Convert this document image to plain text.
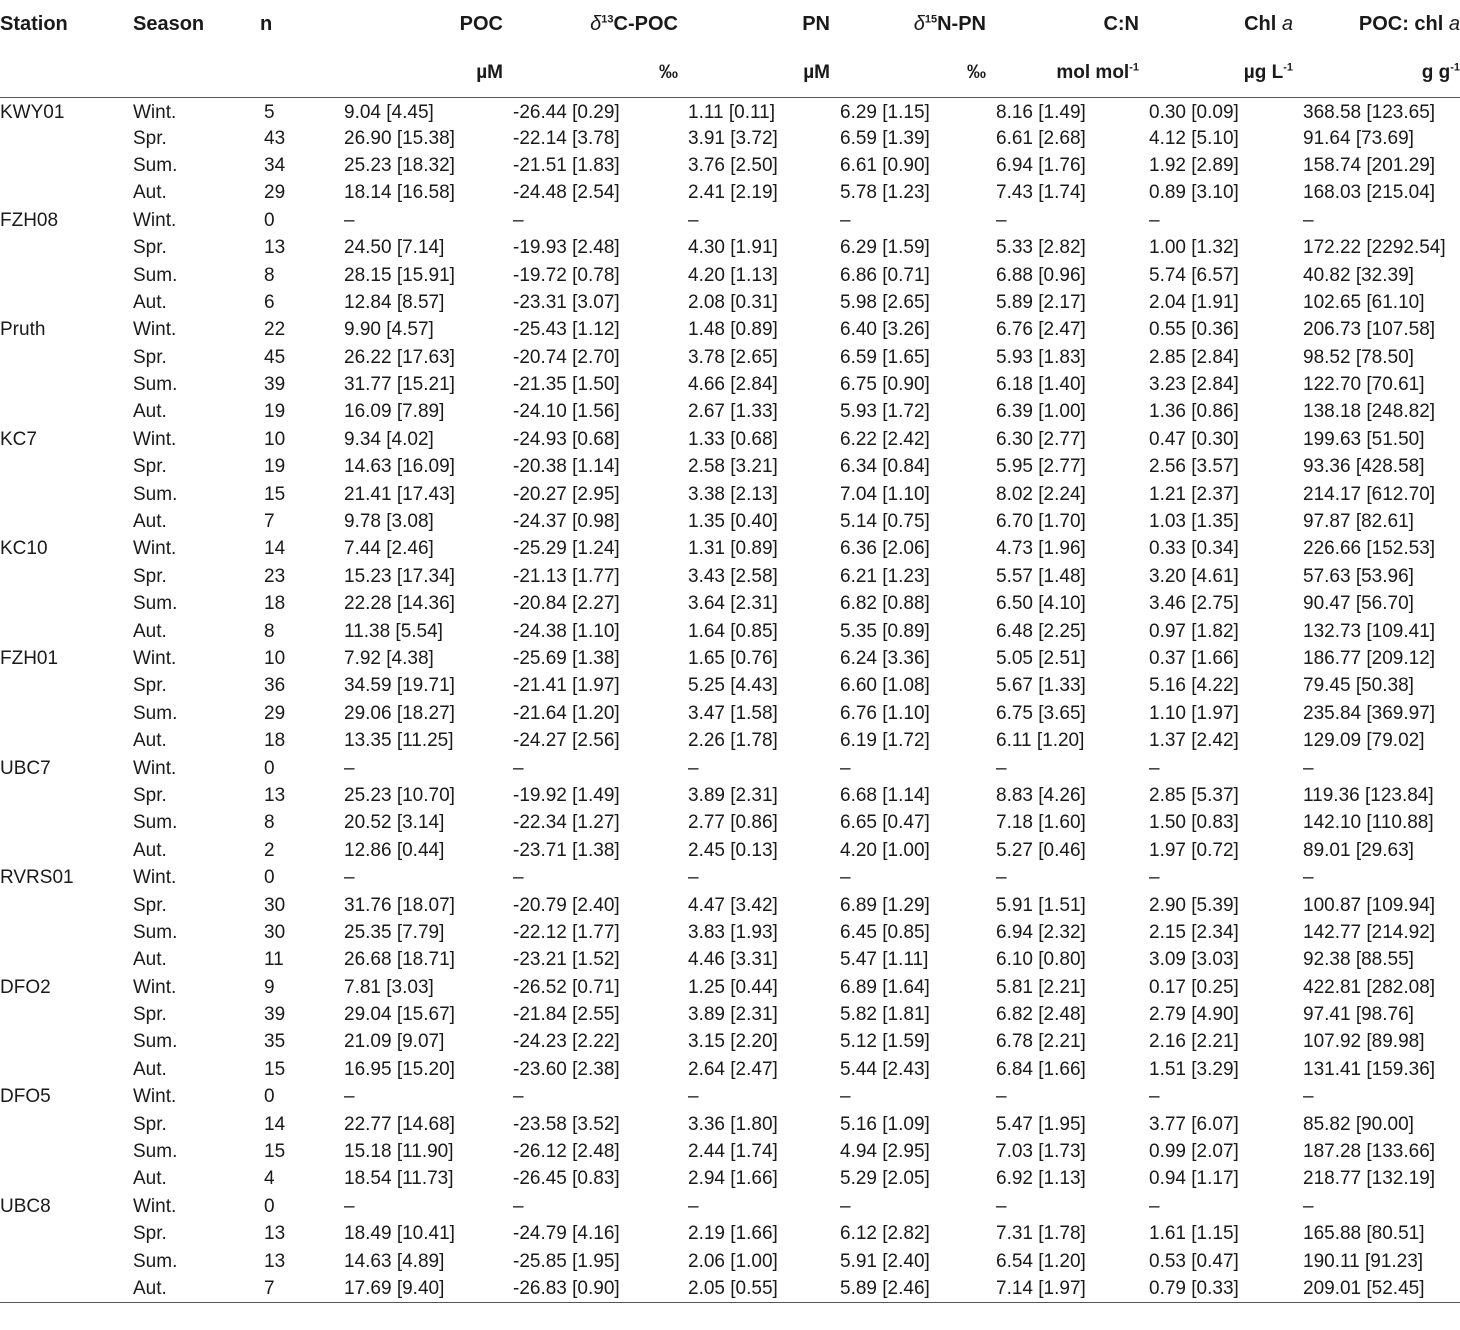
Station	Season	n	POC	$\delta^{13}C$-POC	PN	$\delta^{15}N-PN$	C:N	Chl a	POC: chl a
			µM	‰	µM	‰	mol mol$^{-1}$	µg $L^{-1}$	g $g^{-1}$
KWY01	Wint.	5	9.04 [4.45]	-26.44 [0.29]	1.11 [0.11]	6.29 [1.15]	8.16 [1.49]	0.30 [0.09]	368.58 [123.65]
	Spr.	43	26.90 [15.38]	-22.14 [3.78]	3.91 [3.72]	6.59 [1.39]	6.61 [2.68]	4.12 [5.10]	91.64 [73.69]
	Sum.	34	25.23 [18.32]	-21.51 [1.83]	3.76 [2.50]	6.61 [0.90]	6.94 [1.76]	1.92 [2.89]	158.74 [201.29]
	Aut.	29	18.14 [16.58]	-24.48 [2.54]	2.41 [2.19]	5.78 [1.23]	7.43 [1.74]	0.89 [3.10]	168.03 [215.04]
FZH08	Wint.	0	–	–	–	–	–	–	–
	Spr.	13	24.50 [7.14]	-19.93 [2.48]	4.30 [1.91]	6.29 [1.59]	5.33 [2.82]	1.00 [1.32]	172.22 [2292.54]
	Sum.	8	28.15 [15.91]	-19.72 [0.78]	4.20 [1.13]	6.86 [0.71]	6.88 [0.96]	5.74 [6.57]	40.82 [32.39]
	Aut.	6	12.84 [8.57]	-23.31 [3.07]	2.08 [0.31]	5.98 [2.65]	5.89 [2.17]	2.04 [1.91]	102.65 [61.10]
Pruth	Wint.	22	9.90 [4.57]	-25.43 [1.12]	1.48 [0.89]	6.40 [3.26]	6.76 [2.47]	0.55 [0.36]	206.73 [107.58]
	Spr.	45	26.22 [17.63]	-20.74 [2.70]	3.78 [2.65]	6.59 [1.65]	5.93 [1.83]	2.85 [2.84]	98.52 [78.50]
	Sum.	39	31.77 [15.21]	-21.35 [1.50]	4.66 [2.84]	6.75 [0.90]	6.18 [1.40]	3.23 [2.84]	122.70 [70.61]
	Aut.	19	16.09 [7.89]	-24.10 [1.56]	2.67 [1.33]	5.93 [1.72]	6.39 [1.00]	1.36 [0.86]	138.18 [248.82]
KC7	Wint.	10	9.34 [4.02]	-24.93 [0.68]	1.33 [0.68]	6.22 [2.42]	6.30 [2.77]	0.47 [0.30]	199.63 [51.50]
	Spr.	19	14.63 [16.09]	-20.38 [1.14]	2.58 [3.21]	6.34 [0.84]	5.95 [2.77]	2.56 [3.57]	93.36 [428.58]
	Sum.	15	21.41 [17.43]	-20.27 [2.95]	3.38 [2.13]	7.04 [1.10]	8.02 [2.24]	1.21 [2.37]	214.17 [612.70]
	Aut.	7	9.78 [3.08]	-24.37 [0.98]	1.35 [0.40]	5.14 [0.75]	6.70 [1.70]	1.03 [1.35]	97.87 [82.61]
KC10	Wint.	14	7.44 [2.46]	-25.29 [1.24]	1.31 [0.89]	6.36 [2.06]	4.73 [1.96]	0.33 [0.34]	226.66 [152.53]
	Spr.	23	15.23 [17.34]	-21.13 [1.77]	3.43 [2.58]	6.21 [1.23]	5.57 [1.48]	3.20 [4.61]	57.63 [53.96]
	Sum.	18	22.28 [14.36]	-20.84 [2.27]	3.64 [2.31]	6.82 [0.88]	6.50 [4.10]	3.46 [2.75]	90.47 [56.70]
	Aut.	8	11.38 [5.54]	-24.38 [1.10]	1.64 [0.85]	5.35 [0.89]	6.48 [2.25]	0.97 [1.82]	132.73 [109.41]
FZH01	Wint.	10	7.92 [4.38]	-25.69 [1.38]	1.65 [0.76]	6.24 [3.36]	5.05 [2.51]	0.37 [1.66]	186.77 [209.12]
	Spr.	36	34.59 [19.71]	-21.41 [1.97]	5.25 [4.43]	6.60 [1.08]	5.67 [1.33]	5.16 [4.22]	79.45 [50.38]
	Sum.	29	29.06 [18.27]	-21.64 [1.20]	3.47 [1.58]	6.76 [1.10]	6.75 [3.65]	1.10 [1.97]	235.84 [369.97]
	Aut.	18	13.35 [11.25]	-24.27 [2.56]	2.26 [1.78]	6.19 [1.72]	6.11 [1.20]	1.37 [2.42]	129.09 [79.02]
UBC7	Wint.	0	–	–	–	–	–	–	–
	Spr.	13	25.23 [10.70]	-19.92 [1.49]	3.89 [2.31]	6.68 [1.14]	8.83 [4.26]	2.85 [5.37]	119.36 [123.84]
	Sum.	8	20.52 [3.14]	-22.34 [1.27]	2.77 [0.86]	6.65 [0.47]	7.18 [1.60]	1.50 [0.83]	142.10 [110.88]
	Aut.	2	12.86 [0.44]	-23.71 [1.38]	2.45 [0.13]	4.20 [1.00]	5.27 [0.46]	1.97 [0.72]	89.01 [29.63]
RVRS01	Wint.	0	–	–	–	–	–	–	–
	Spr.	30	31.76 [18.07]	-20.79 [2.40]	4.47 [3.42]	6.89 [1.29]	5.91 [1.51]	2.90 [5.39]	100.87 [109.94]
	Sum.	30	25.35 [7.79]	-22.12 [1.77]	3.83 [1.93]	6.45 [0.85]	6.94 [2.32]	2.15 [2.34]	142.77 [214.92]
	Aut.	11	26.68 [18.71]	-23.21 [1.52]	4.46 [3.31]	5.47 [1.11]	6.10 [0.80]	3.09 [3.03]	92.38 [88.55]
DFO2	Wint.	9	7.81 [3.03]	-26.52 [0.71]	1.25 [0.44]	6.89 [1.64]	5.81 [2.21]	0.17 [0.25]	422.81 [282.08]
	Spr.	39	29.04 [15.67]	-21.84 [2.55]	3.89 [2.31]	5.82 [1.81]	6.82 [2.48]	2.79 [4.90]	97.41 [98.76]
	Sum.	35	21.09 [9.07]	-24.23 [2.22]	3.15 [2.20]	5.12 [1.59]	6.78 [2.21]	2.16 [2.21]	107.92 [89.98]
	Aut.	15	16.95 [15.20]	-23.60 [2.38]	2.64 [2.47]	5.44 [2.43]	6.84 [1.66]	1.51 [3.29]	131.41 [159.36]
DFO5	Wint.	0	–	–	–	–	–	–	–
	Spr.	14	22.77 [14.68]	-23.58 [3.52]	3.36 [1.80]	5.16 [1.09]	5.47 [1.95]	3.77 [6.07]	85.82 [90.00]
	Sum.	15	15.18 [11.90]	-26.12 [2.48]	2.44 [1.74]	4.94 [2.95]	7.03 [1.73]	0.99 [2.07]	187.28 [133.66]
	Aut.	4	18.54 [11.73]	-26.45 [0.83]	2.94 [1.66]	5.29 [2.05]	6.92 [1.13]	0.94 [1.17]	218.77 [132.19]
UBC8	Wint.	0	–	–	–	–	–	–	–
	Spr.	13	18.49 [10.41]	-24.79 [4.16]	2.19 [1.66]	6.12 [2.82]	7.31 [1.78]	1.61 [1.15]	165.88 [80.51]
	Sum.	13	14.63 [4.89]	-25.85 [1.95]	2.06 [1.00]	5.91 [2.40]	6.54 [1.20]	0.53 [0.47]	190.11 [91.23]
	Aut.	7	17.69 [9.40]	-26.83 [0.90]	2.05 [0.55]	5.89 [2.46]	7.14 [1.97]	0.79 [0.33]	209.01 [52.45]
